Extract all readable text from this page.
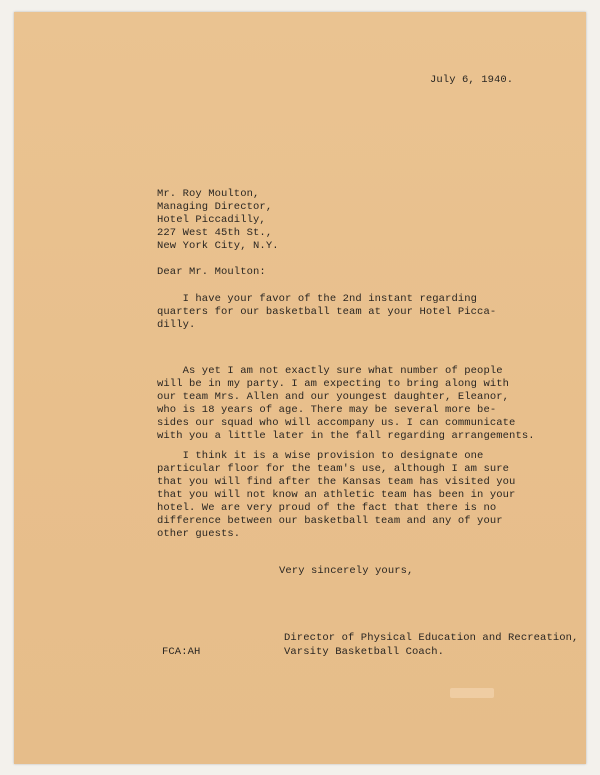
July 6, 1940.
Mr. Roy Moulton,
Managing Director,
Hotel Piccadilly,
227 West 45th St.,
New York City, N.Y.
Dear Mr. Moulton:
I have your favor of the 2nd instant regarding
quarters for our basketball team at your Hotel Picca-
dilly.
As yet I am not exactly sure what number of people
will be in my party. I am expecting to bring along with
our team Mrs. Allen and our youngest daughter, Eleanor,
who is 18 years of age. There may be several more be-
sides our squad who will accompany us. I can communicate
with you a little later in the fall regarding arrangements.
I think it is a wise provision to designate one
particular floor for the team's use, although I am sure
that you will find after the Kansas team has visited you
that you will not know an athletic team has been in your
hotel. We are very proud of the fact that there is no
difference between our basketball team and any of your
other guests.
Very sincerely yours,
FCA:AH
Director of Physical Education and Recreation,
Varsity Basketball Coach.
